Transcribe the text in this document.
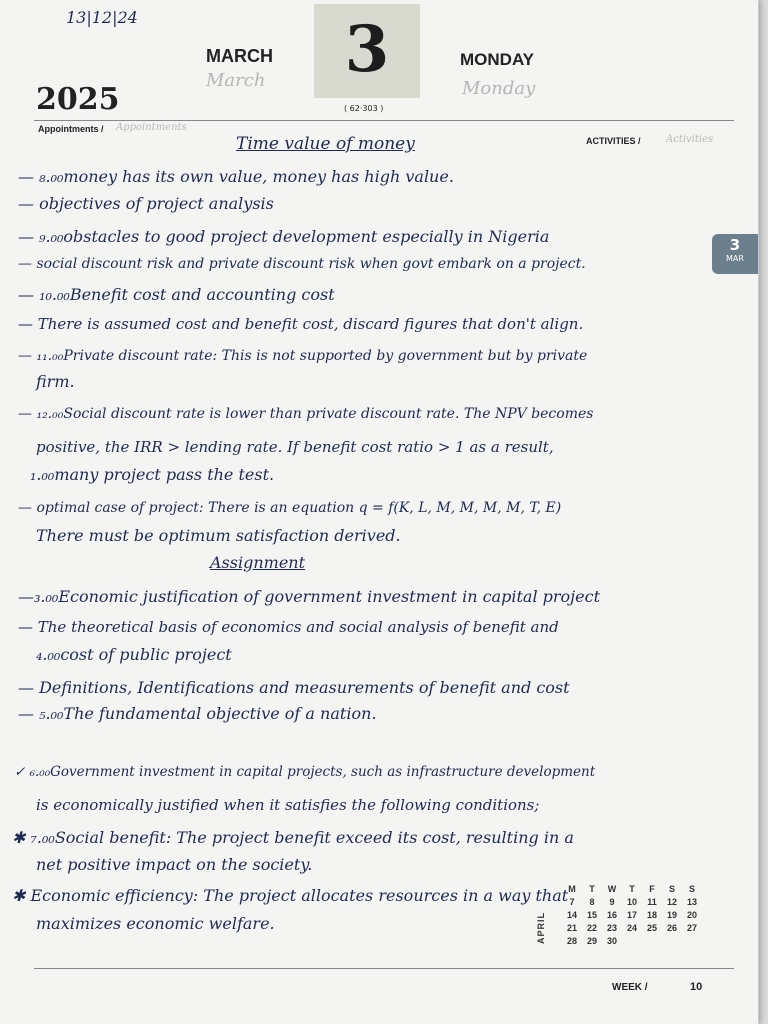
13|12|24
MARCH
March	3
( 62·303 )
MONDAY
Monday
2025
Appointments / Appointments
ACTIVITIES /	Activities
3
MAR
Time value of money
— ₈.₀₀money has its own value, money has high value.
— objectives of project analysis
— ₉.₀₀obstacles to good project development especially in Nigeria
— social discount risk and private discount risk when govt embark on a project.
— ₁₀.₀₀Benefit cost and accounting cost
— There is assumed cost and benefit cost, discard figures that don't align.
— ₁₁.₀₀Private discount rate: This is not supported by government but by private
firm.
— ₁₂.₀₀Social discount rate is lower than private discount rate. The NPV becomes
positive, the IRR > lending rate. If benefit cost ratio > 1 as a result,
₁.₀₀many project pass the test.
— optimal case of project: There is an equation q = f(K, L, M, M, M, M, T, E)
There must be optimum satisfaction derived.
Assignment
—₃.₀₀Economic justification of government investment in capital project
— The theoretical basis of economics and social analysis of benefit and
₄.₀₀cost of public project
— Definitions, Identifications and measurements of benefit and cost
— ₅.₀₀The fundamental objective of a nation.
✓ ₆.₀₀Government investment in capital projects, such as infrastructure development
is economically justified when it satisfies the following conditions;
✱ ₇.₀₀Social benefit: The project benefit exceed its cost, resulting in a
net positive impact on the society.
✱ Economic efficiency: The project allocates resources in a way that
maximizes economic welfare.	APRIL
M	T	W	T	F	S	S
7	8	9	10	11	12	13
14	15	16	17	18	19	20
21	22	23	24	25	26	27
28	29	30
WEEK /	10
